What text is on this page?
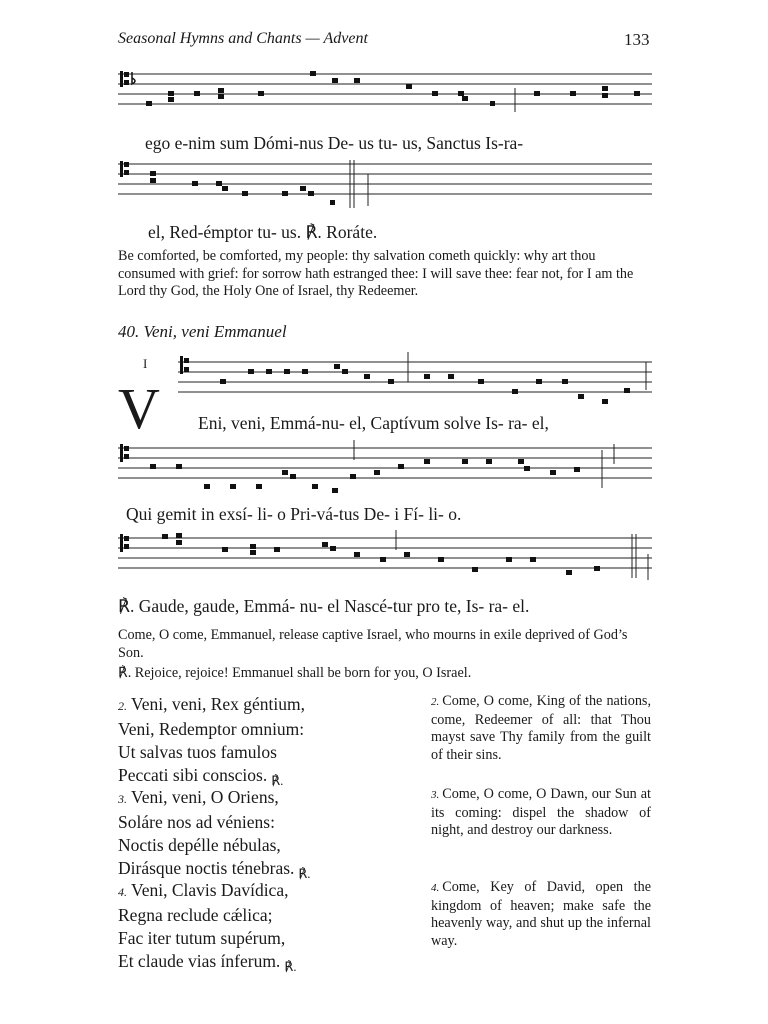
Seasonal Hymns and Chants — Advent	133
ego e-nim sum Dómi-nus De- us tu- us, Sanctus Is-ra-
el, Red-émptor tu- us. ℟. Roráte.
Be comforted, be comforted, my people: thy salvation cometh quickly: why art thou consumed with grief: for sorrow hath estranged thee: I will save thee: fear not, for I am the Lord thy God, the Holy One of Israel, thy Redeemer.
40. Veni, veni Emmanuel
I
V Eni, veni, Emmá-nu- el, Captívum solve Is- ra- el,
Qui gemit in exsí- li- o Pri-vá-tus De- i Fí- li- o.
℟. Gaude, gaude, Emmá- nu- el Nascé-tur pro te, Is- ra- el.
Come, O come, Emmanuel, release captive Israel, who mourns in exile deprived of God’s Son.
℟. Rejoice, rejoice! Emmanuel shall be born for you, O Israel.
2. Veni, veni, Rex géntium,
Veni, Redemptor omnium:
Ut salvas tuos famulos
Peccati sibi conscios. $_{℟.}$
2. Come, O come, King of the nations, come, Redeemer of all: that Thou mayst save Thy family from the guilt of their sins.
3. Veni, veni, O Oriens,
Soláre nos ad véniens:
Noctis depélle nébulas,
Dirásque noctis ténebras. $_{℟.}$
3. Come, O come, O Dawn, our Sun at its coming: dispel the shadow of night, and destroy our darkness.
4. Veni, Clavis Davídica,
Regna reclude cǽlica;
Fac iter tutum supérum,
Et claude vias ínferum. $_{℟.}$
4. Come, Key of David, open the kingdom of heaven; make safe the heavenly way, and shut up the infernal way.
